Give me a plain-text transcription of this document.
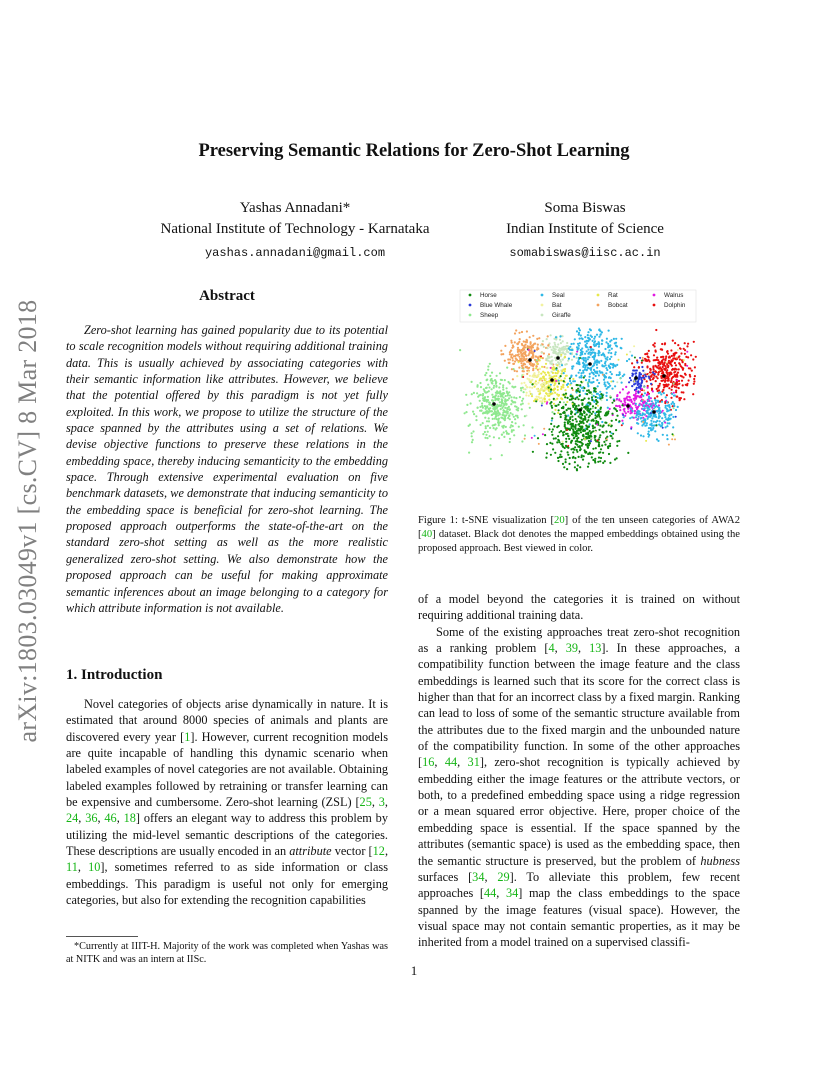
arXiv:1803.03049v1 [cs.CV] 8 Mar 2018
Preserving Semantic Relations for Zero-Shot Learning
Yashas Annadani*
National Institute of Technology - Karnataka
yashas.annadani@gmail.com
Soma Biswas
Indian Institute of Science
somabiswas@iisc.ac.in
Abstract

Zero-shot learning has gained popularity due to its potential to scale recognition models without requiring additional training data. This is usually achieved by associating categories with their semantic information like attributes. However, we believe that the potential offered by this paradigm is not yet fully exploited. In this work, we propose to utilize the structure of the space spanned by the attributes using a set of relations. We devise objective functions to preserve these relations in the embedding space, thereby inducing semanticity to the embedding space. Through extensive experimental evaluation on five benchmark datasets, we demonstrate that inducing semanticity to the embedding space is beneficial for zero-shot learning. The proposed approach outperforms the state-of-the-art on the standard zero-shot setting as well as the more realistic generalized zero-shot setting. We also demonstrate how the proposed approach can be useful for making approximate semantic inferences about an image belonging to a category for which attribute information is not available.

1. Introduction

Novel categories of objects arise dynamically in nature. It is estimated that around 8000 species of animals and plants are discovered every year [1]. However, current recognition models are quite incapable of handling this dynamic scenario when labeled examples of novel categories are not available. Obtaining labeled examples followed by retraining or transfer learning can be expensive and cumbersome. Zero-shot learning (ZSL) [25, 3, 24, 36, 46, 18] offers an elegant way to address this problem by utilizing the mid-level semantic descriptions of the categories. These descriptions are usually encoded in an attribute vector [12, 11, 10], sometimes referred to as side information or class embeddings. This paradigm is useful not only for emerging categories, but also for extending the recognition capabilities

*Currently at IIIT-H. Majority of the work was completed when Yashas was at NITK and was an intern at IISc.

Horse	Seal	Rat	Walrus
Blue Whale	Bat	Bobcat	Dolphin
Sheep	Giraffe
Figure 1: t-SNE visualization [20] of the ten unseen categories of AWA2 [40] dataset. Black dot denotes the mapped embeddings obtained using the proposed approach. Best viewed in color.

of a model beyond the categories it is trained on without requiring additional training data.

Some of the existing approaches treat zero-shot recognition as a ranking problem [4, 39, 13]. In these approaches, a compatibility function between the image feature and the class embeddings is learned such that its score for the correct class is higher than that for an incorrect class by a fixed margin. Ranking can lead to loss of some of the semantic structure available from the attributes due to the fixed margin and the unbounded nature of the compatibility function. In some of the other approaches [16, 44, 31], zero-shot recognition is typically achieved by embedding either the image features or the attribute vectors, or both, to a predefined embedding space using a ridge regression or a mean squared error objective. Here, proper choice of the embedding space is essential. If the space spanned by the attributes (semantic space) is used as the embedding space, then the semantic structure is preserved, but the problem of hubness surfaces [34, 29]. To alleviate this problem, few recent approaches [44, 34] map the class embeddings to the space spanned by the image features (visual space). However, the visual space may not contain semantic properties, as it may be inherited from a model trained on a supervised classifi-

1
